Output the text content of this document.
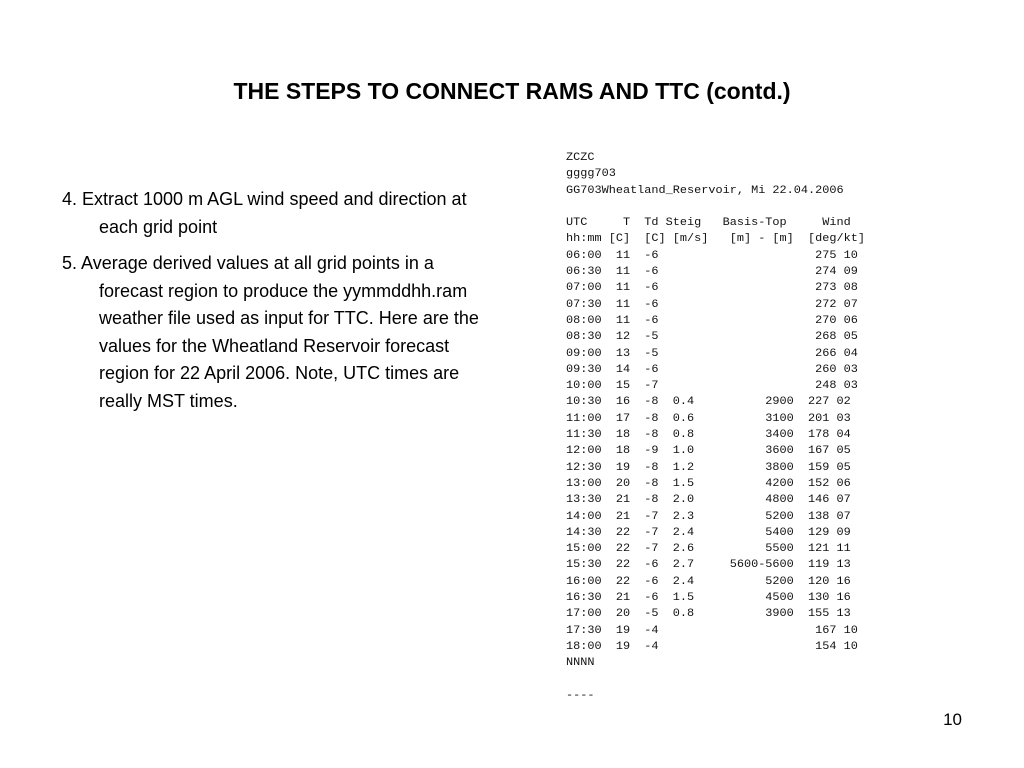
THE STEPS TO CONNECT RAMS AND TTC (contd.)

4. Extract 1000 m AGL wind speed and direction at each grid point

5. Average derived values at all grid points in a forecast region to produce the yymmddhh.ram weather file used as input for TTC. Here are the values for the Wheatland Reservoir forecast region for 22 April 2006. Note, UTC times are really MST times.

ZCZC
gggg703
GG703Wheatland_Reservoir, Mi 22.04.2006

UTC     T  Td Steig   Basis-Top     Wind
hh:mm [C]  [C] [m/s]   [m] - [m]  [deg/kt]
06:00  11  -6                      275 10
06:30  11  -6                      274 09
07:00  11  -6                      273 08
07:30  11  -6                      272 07
08:00  11  -6                      270 06
08:30  12  -5                      268 05
09:00  13  -5                      266 04
09:30  14  -6                      260 03
10:00  15  -7                      248 03
10:30  16  -8  0.4          2900  227 02
11:00  17  -8  0.6          3100  201 03
11:30  18  -8  0.8          3400  178 04
12:00  18  -9  1.0          3600  167 05
12:30  19  -8  1.2          3800  159 05
13:00  20  -8  1.5          4200  152 06
13:30  21  -8  2.0          4800  146 07
14:00  21  -7  2.3          5200  138 07
14:30  22  -7  2.4          5400  129 09
15:00  22  -7  2.6          5500  121 11
15:30  22  -6  2.7     5600-5600  119 13
16:00  22  -6  2.4          5200  120 16
16:30  21  -6  1.5          4500  130 16
17:00  20  -5  0.8          3900  155 13
17:30  19  -4                      167 10
18:00  19  -4                      154 10
NNNN

----
10
